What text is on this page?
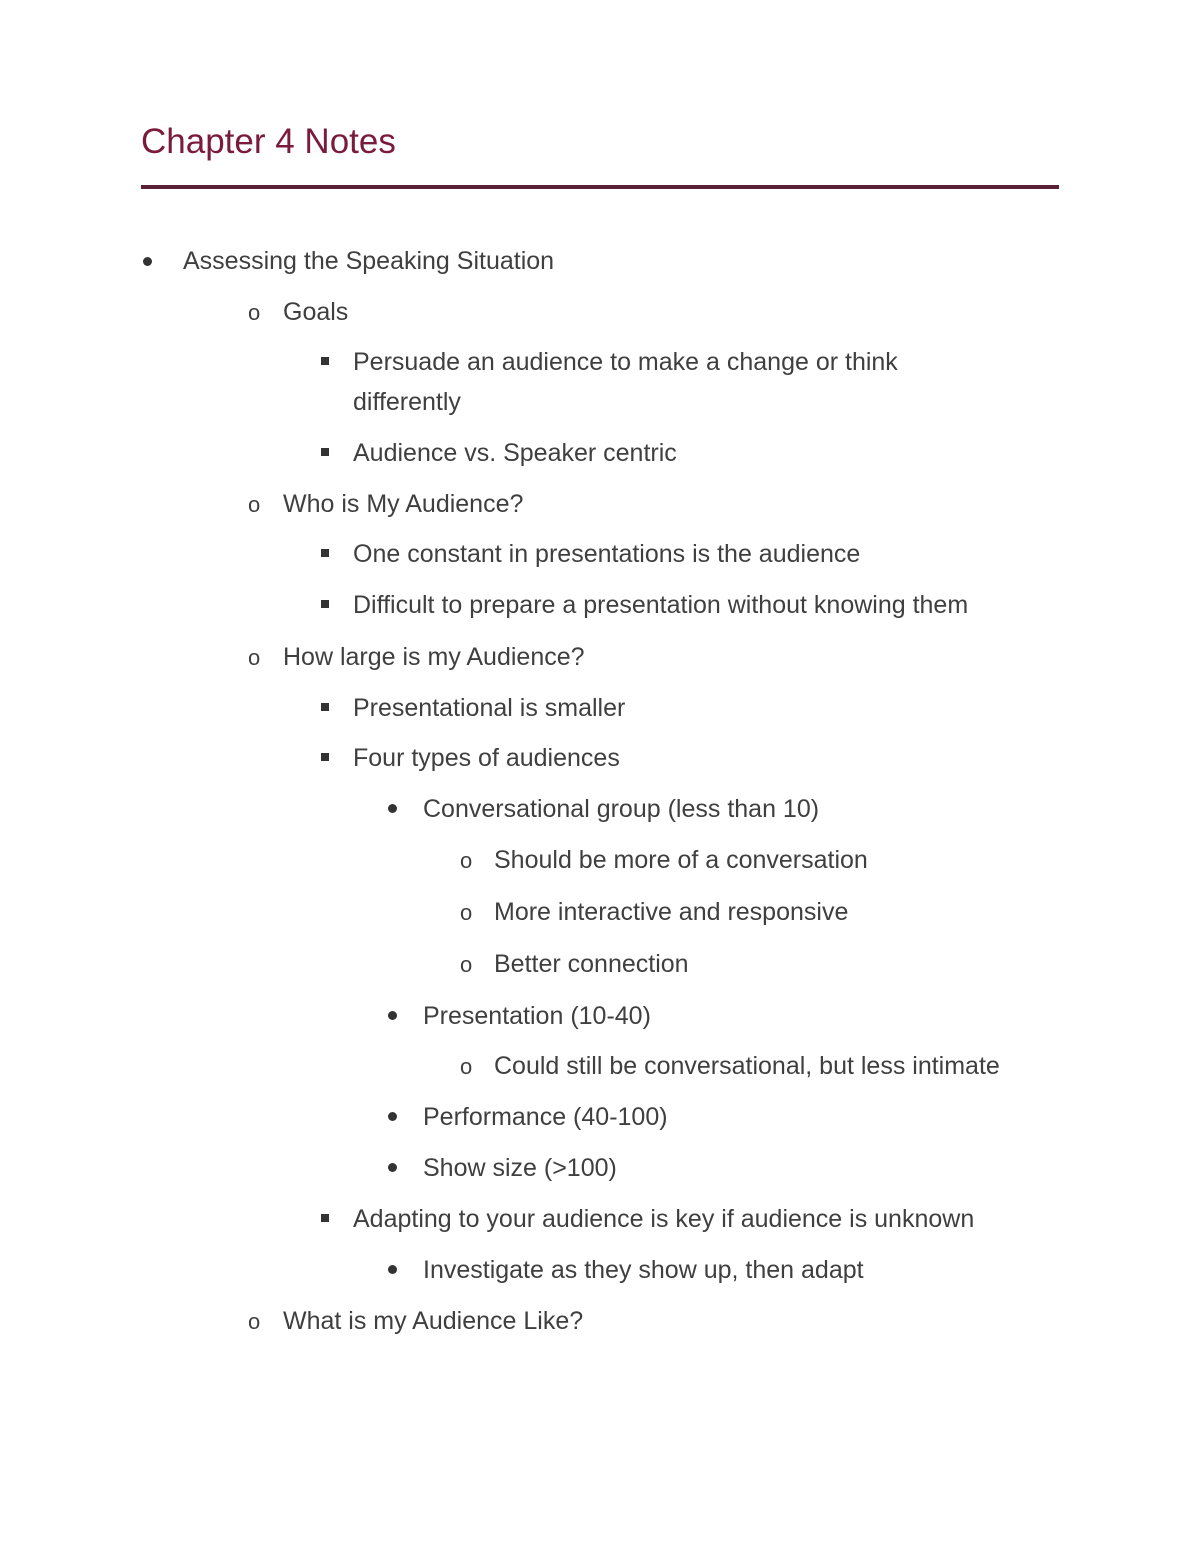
Chapter 4 Notes
Assessing the Speaking Situation
o Goals
Persuade an audience to make a change or think
differently
Audience vs. Speaker centric
o Who is My Audience?
One constant in presentations is the audience
Difficult to prepare a presentation without knowing them
o How large is my Audience?
Presentational is smaller
Four types of audiences
Conversational group (less than 10)
o Should be more of a conversation
o More interactive and responsive
o Better connection
Presentation (10-40)
o Could still be conversational, but less intimate
Performance (40-100)
Show size (>100)
Adapting to your audience is key if audience is unknown
Investigate as they show up, then adapt
o What is my Audience Like?
